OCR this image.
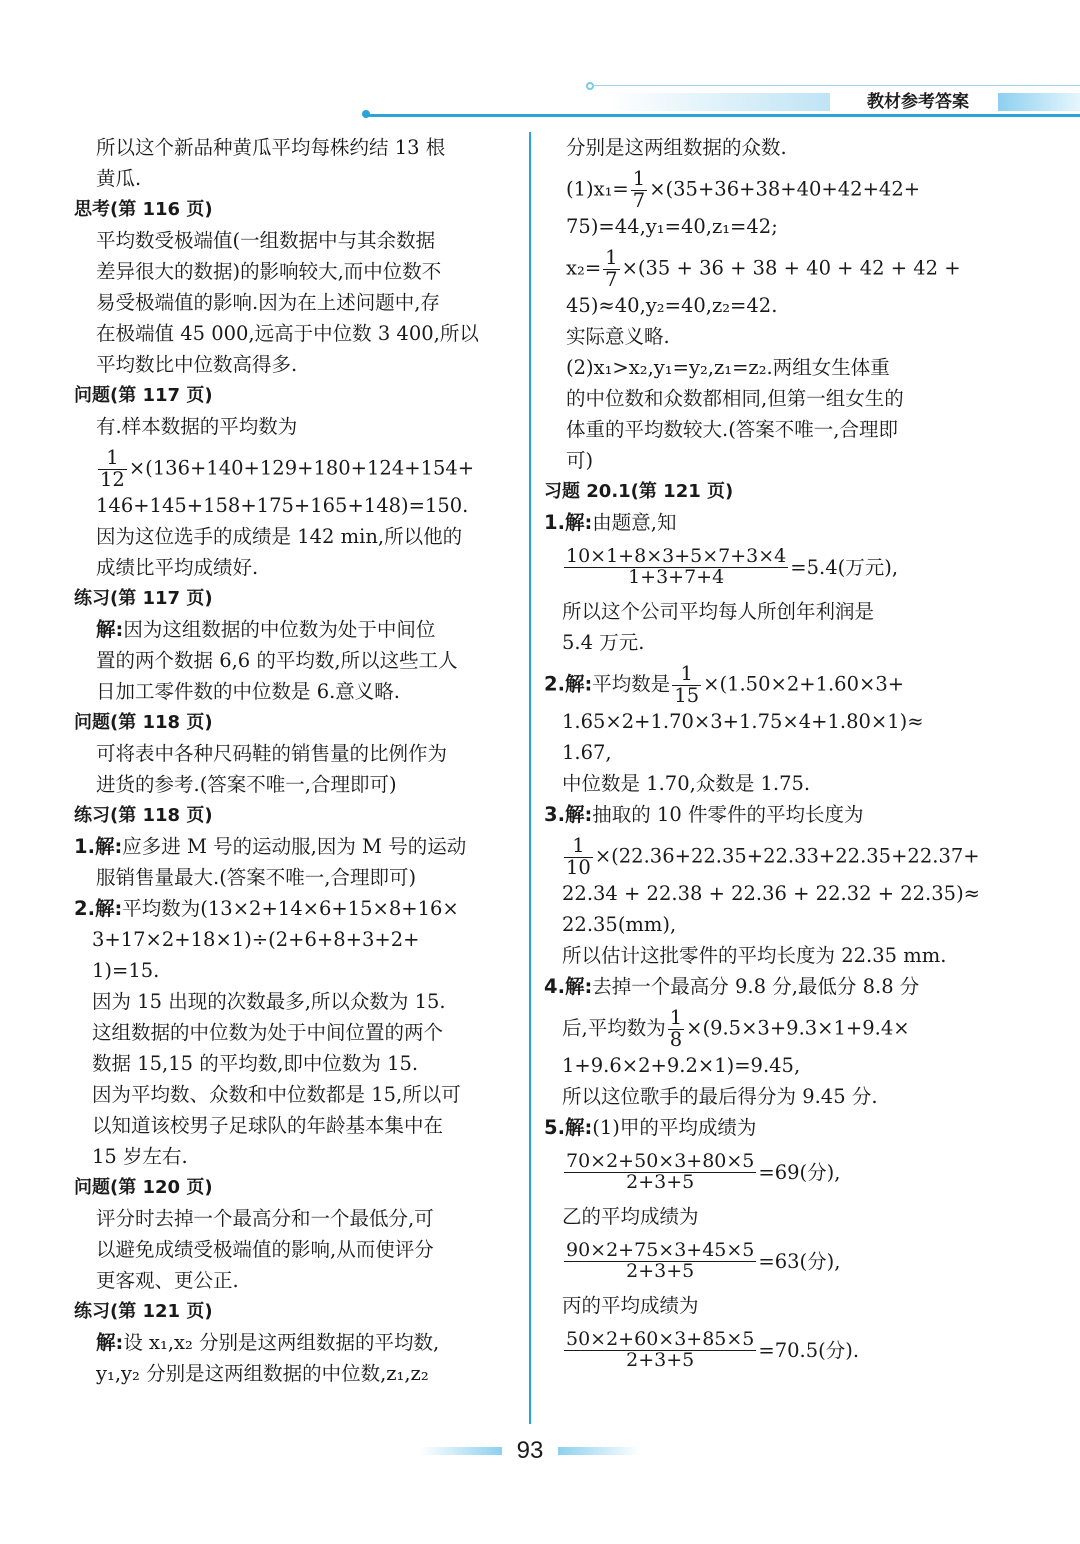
教材参考答案
所以这个新品种黄瓜平均每株约结 13 根
黄瓜.
思考(第 116 页)
平均数受极端值(一组数据中与其余数据
差异很大的数据)的影响较大,而中位数不
易受极端值的影响.因为在上述问题中,存
在极端值 45 000,远高于中位数 3 400,所以
平均数比中位数高得多.
问题(第 117 页)
有.样本数据的平均数为
$\frac{1}{12} \times(136+140+129+180+124+154+$
146+145+158+175+165+148)=150.
因为这位选手的成绩是 142 min,所以他的
成绩比平均成绩好.
练习(第 117 页)
解:因为这组数据的中位数为处于中间位
置的两个数据 6,6 的平均数,所以这些工人
日加工零件数的中位数是 6.意义略.
问题(第 118 页)
可将表中各种尺码鞋的销售量的比例作为
进货的参考.(答案不唯一,合理即可)
练习(第 118 页)
1.解:应多进 M 号的运动服,因为 M 号的运动
服销售量最大.(答案不唯一,合理即可)
2.解:平均数为(13×2+14×6+15×8+16×
3+17×2+18×1)÷(2+6+8+3+2+
1)=15.
因为 15 出现的次数最多,所以众数为 15.
这组数据的中位数为处于中间位置的两个
数据 15,15 的平均数,即中位数为 15.
因为平均数、众数和中位数都是 15,所以可
以知道该校男子足球队的年龄基本集中在
15 岁左右.
问题(第 120 页)
评分时去掉一个最高分和一个最低分,可
以避免成绩受极端值的影响,从而使评分
更客观、更公正.
练习(第 121 页)
解:设 x₁,x₂ 分别是这两组数据的平均数,
y₁,y₂ 分别是这两组数据的中位数,z₁,z₂
分别是这两组数据的众数.
$(1)x_1= \frac{1}{7} \times(35+36+38+40+42+42+$
75)=44,y₁=40,z₁=42;
$x_2= \frac{1}{7} \times(35 + 36 + 38 + 40 + 42 + 42$ +
45)≈40,y₂=40,z₂=42.
实际意义略.
(2)x₁>x₂,y₁=y₂,z₁=z₂.两组女生体重
的中位数和众数都相同,但第一组女生的
体重的平均数较大.(答案不唯一,合理即
可)
习题 20.1(第 121 页)
1.解:由题意,知
$\frac{10\times 1+8\times 3+5\times 7+3\times 4}{1+3+7+4} =5.4$(万元),
所以这个公司平均每人所创年利润是
5.4 万元.
2.解:平均数是 $\frac{1}{15} \times(1.50\times 2+1.60\times 3+$
1.65×2+1.70×3+1.75×4+1.80×1)≈
1.67,
中位数是 1.70,众数是 1.75.
3.解:抽取的 10 件零件的平均长度为
$\frac{1}{10} \times(22.36+22.35+22.33+22.35+22.37+$
22.34 + 22.38 + 22.36 + 22.32 + 22.35)≈
22.35(mm),
所以估计这批零件的平均长度为 22.35 mm.
4.解:去掉一个最高分 9.8 分,最低分 8.8 分
后,平均数为 $\frac{1}{8} \times(9.5\times 3+9.3\times 1+9.4\times$
1+9.6×2+9.2×1)=9.45,
所以这位歌手的最后得分为 9.45 分.
5.解:(1)甲的平均成绩为
$\frac{70\times 2+50\times 3+80\times 5}{2+3+5} =69$(分),
乙的平均成绩为
$\frac{90\times 2+75\times 3+45\times 5}{2+3+5} =63$(分),
丙的平均成绩为
$\frac{50\times 2+60\times 3+85\times 5}{2+3+5} =70.5$(分).
93
